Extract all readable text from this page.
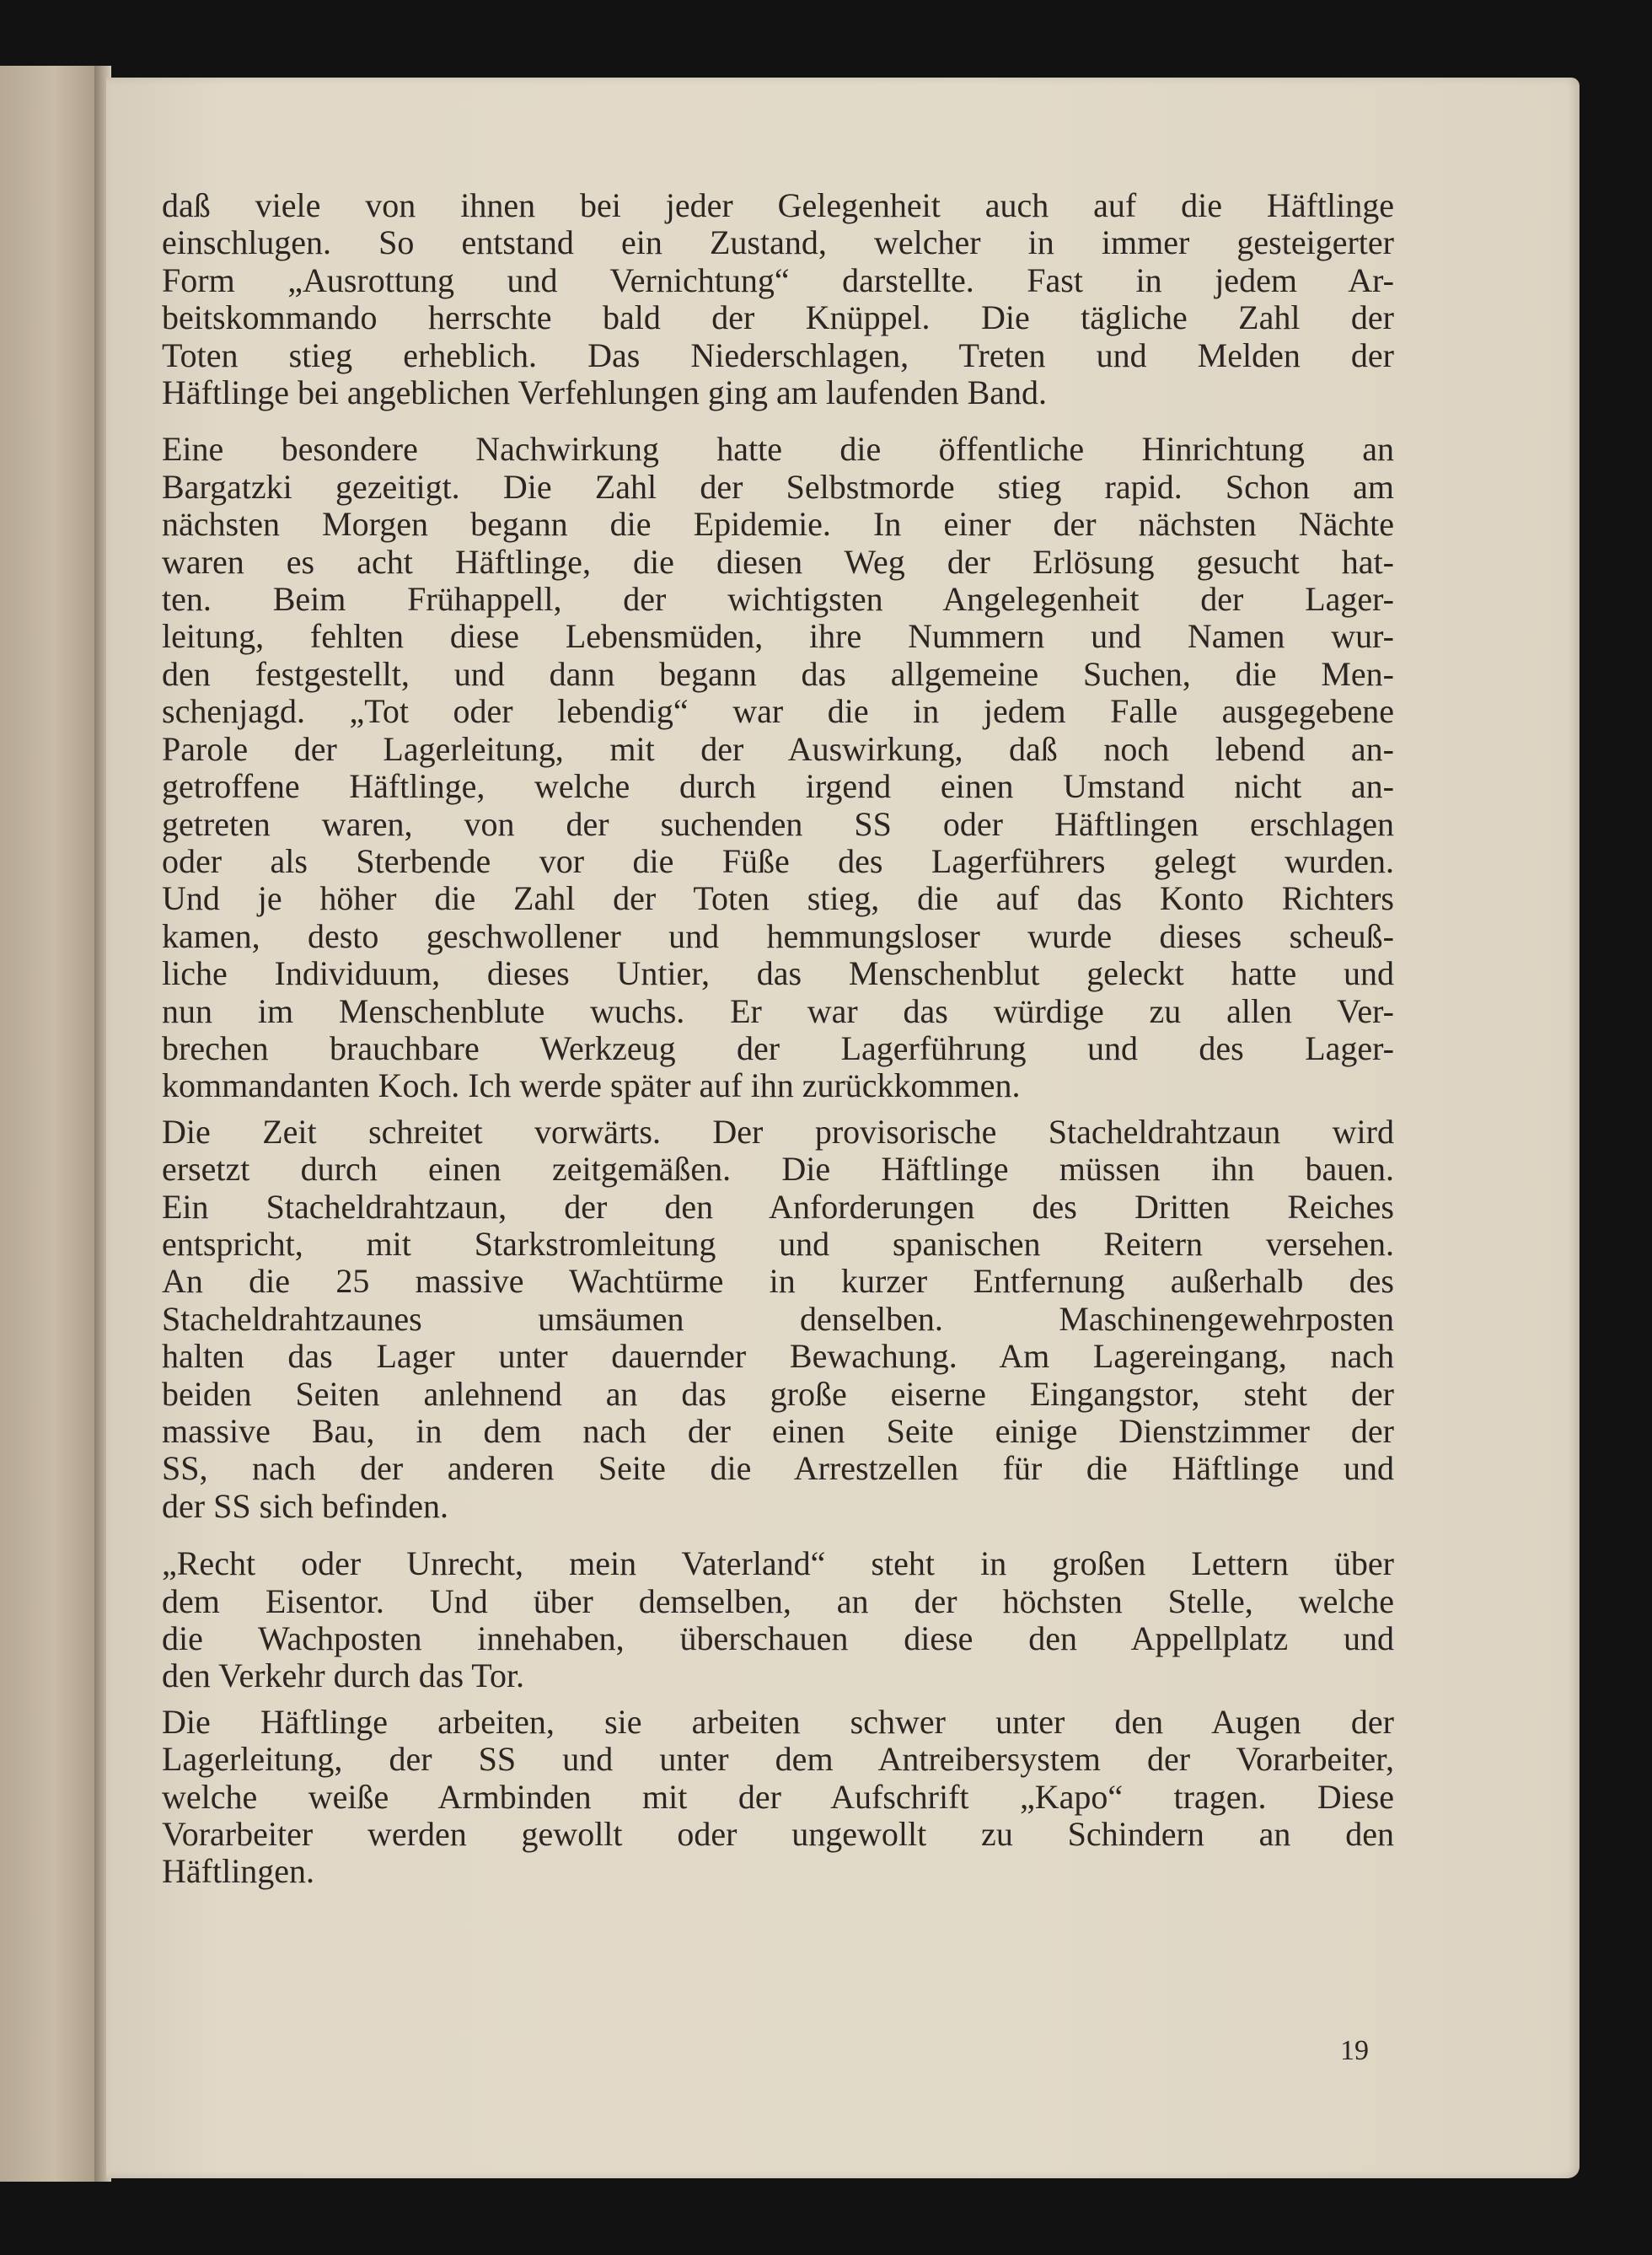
daß viele von ihnen bei jeder Gelegenheit auch auf die Häftlinge
einschlugen. So entstand ein Zustand, welcher in immer gesteigerter
Form „Ausrottung und Vernichtung“ darstellte. Fast in jedem Ar-
beitskommando herrschte bald der Knüppel. Die tägliche Zahl der
Toten stieg erheblich. Das Niederschlagen, Treten und Melden der
Häftlinge bei angeblichen Verfehlungen ging am laufenden Band.
Eine besondere Nachwirkung hatte die öffentliche Hinrichtung an
Bargatzki gezeitigt. Die Zahl der Selbstmorde stieg rapid. Schon am
nächsten Morgen begann die Epidemie. In einer der nächsten Nächte
waren es acht Häftlinge, die diesen Weg der Erlösung gesucht hat-
ten. Beim Frühappell, der wichtigsten Angelegenheit der Lager-
leitung, fehlten diese Lebensmüden, ihre Nummern und Namen wur-
den festgestellt, und dann begann das allgemeine Suchen, die Men-
schenjagd. „Tot oder lebendig“ war die in jedem Falle ausgegebene
Parole der Lagerleitung, mit der Auswirkung, daß noch lebend an-
getroffene Häftlinge, welche durch irgend einen Umstand nicht an-
getreten waren, von der suchenden SS oder Häftlingen erschlagen
oder als Sterbende vor die Füße des Lagerführers gelegt wurden.
Und je höher die Zahl der Toten stieg, die auf das Konto Richters
kamen, desto geschwollener und hemmungsloser wurde dieses scheuß-
liche Individuum, dieses Untier, das Menschenblut geleckt hatte und
nun im Menschenblute wuchs. Er war das würdige zu allen Ver-
brechen brauchbare Werkzeug der Lagerführung und des Lager-
kommandanten Koch. Ich werde später auf ihn zurückkommen.
Die Zeit schreitet vorwärts. Der provisorische Stacheldrahtzaun wird
ersetzt durch einen zeitgemäßen. Die Häftlinge müssen ihn bauen.
Ein Stacheldrahtzaun, der den Anforderungen des Dritten Reiches
entspricht, mit Starkstromleitung und spanischen Reitern versehen.
An die 25 massive Wachtürme in kurzer Entfernung außerhalb des
Stacheldrahtzaunes umsäumen denselben. Maschinengewehrposten
halten das Lager unter dauernder Bewachung. Am Lagereingang, nach
beiden Seiten anlehnend an das große eiserne Eingangstor, steht der
massive Bau, in dem nach der einen Seite einige Dienstzimmer der
SS, nach der anderen Seite die Arrestzellen für die Häftlinge und
der SS sich befinden.
„Recht oder Unrecht, mein Vaterland“ steht in großen Lettern über
dem Eisentor. Und über demselben, an der höchsten Stelle, welche
die Wachposten innehaben, überschauen diese den Appellplatz und
den Verkehr durch das Tor.
Die Häftlinge arbeiten, sie arbeiten schwer unter den Augen der
Lagerleitung, der SS und unter dem Antreibersystem der Vorarbeiter,
welche weiße Armbinden mit der Aufschrift „Kapo“ tragen. Diese
Vorarbeiter werden gewollt oder ungewollt zu Schindern an den
Häftlingen.
19
